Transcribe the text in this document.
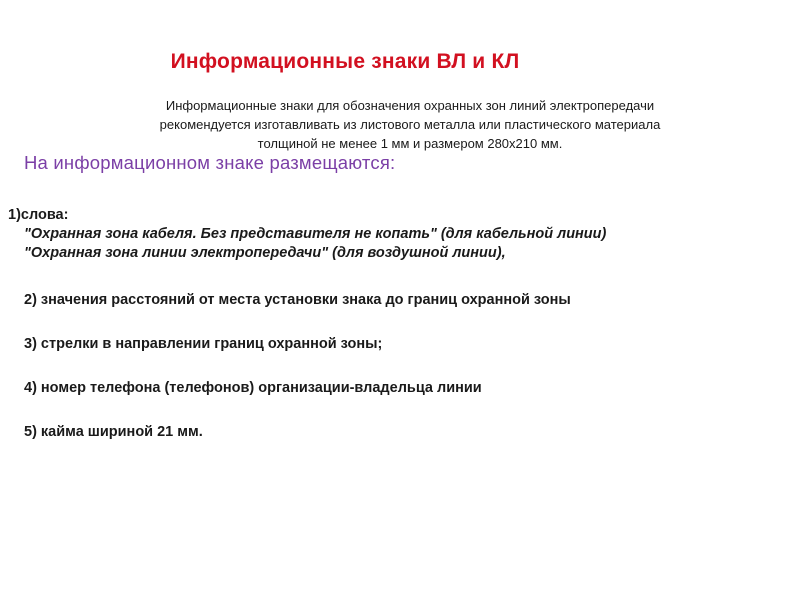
Информационные знаки ВЛ и КЛ
Информационные знаки для обозначения охранных зон линий электропередачи
рекомендуется изготавливать из листового металла или пластического материала
толщиной не менее 1 мм и размером 280х210 мм.
На информационном знаке размещаются:
1)слова:
"Охранная зона кабеля. Без представителя не копать" (для кабельной линии)
"Охранная зона линии электропередачи" (для воздушной линии),
2) значения расстояний от места установки знака до границ охранной зоны
3) стрелки в направлении границ охранной зоны;
4) номер телефона (телефонов) организации-владельца линии
5) кайма шириной 21 мм.
